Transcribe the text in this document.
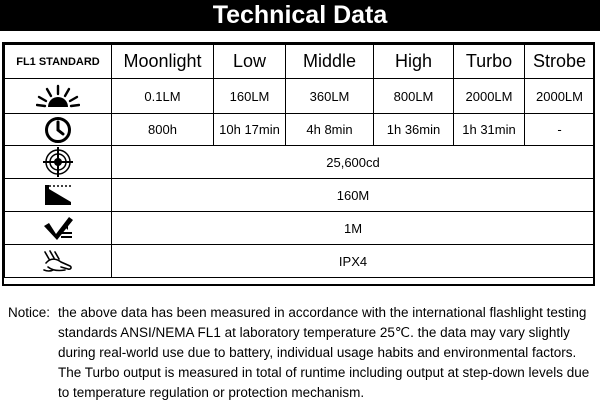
Technical Data
FL1 STANDARD	Moonlight	Low	Middle	High	Turbo	Strobe

	0.1LM	160LM	360LM	800LM	2000LM	2000LM

	800h	10h 17min	4h 8min	1h 36min	1h 31min	-

	25,600cd					

	160M					

	1M					

	IPX4					
Notice: the above data has been measured in accordance with the international flashlight testing standards ANSI/NEMA FL1 at laboratory temperature 25℃. the data may vary slightly during real-world use due to battery, individual usage habits and environmental factors. The Turbo output is measured in total of runtime including output at step-down levels due to temperature regulation or protection mechanism.
